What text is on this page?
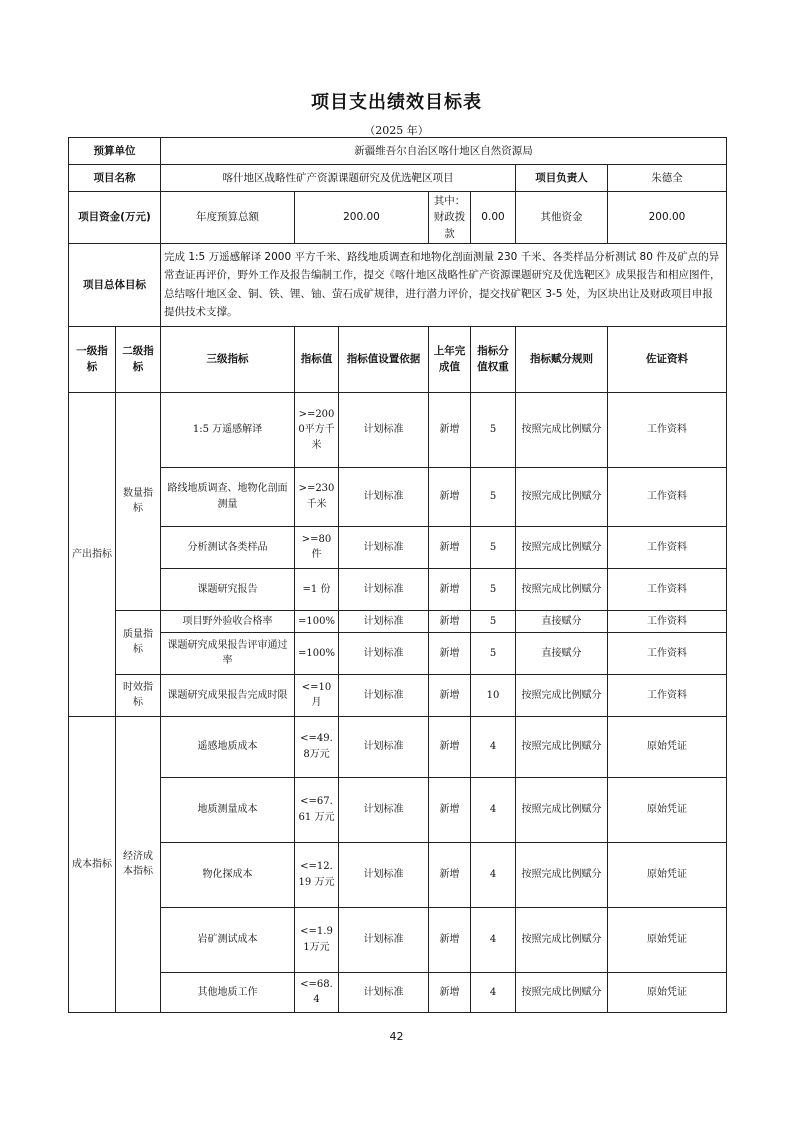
项目支出绩效目标表
（2025 年）
预算单位		新疆维吾尔自治区喀什地区自然资源局						
项目名称		喀什地区战略性矿产资源课题研究及优选靶区项目					项目负责人	朱德全
项目资金(万元)		年度预算总额	200.00		其中：财政拨款	0.00	其他资金	200.00
项目总体目标		完成 1:5 万遥感解译 2000 平方千米、路线地质调查和地物化剖面测量 230 千米、各类样品分析测试 80 件及矿点的异常查证再评价，野外工作及报告编制工作，提交《喀什地区战略性矿产资源课题研究及优选靶区》成果报告和相应图件，总结喀什地区金、铜、铁、锂、铀、萤石成矿规律，进行潜力评价，提交找矿靶区 3-5 处，为区块出让及财政项目申报提供技术支撑。						
一级指标	二级指标	三级指标	指标值	指标值设置依据	上年完成值	指标分值权重	指标赋分规则	佐证资料
产出指标	数量指标	1:5 万遥感解译	>=2000平方千米	计划标准	新增	5	按照完成比例赋分	工作资料
		路线地质调查、地物化剖面测量	>=230千米	计划标准	新增	5	按照完成比例赋分	工作资料
		分析测试各类样品	>=80件	计划标准	新增	5	按照完成比例赋分	工作资料
		课题研究报告	=1 份	计划标准	新增	5	按照完成比例赋分	工作资料
	质量指标	项目野外验收合格率	=100%	计划标准	新增	5	直接赋分	工作资料
		课题研究成果报告评审通过率	=100%	计划标准	新增	5	直接赋分	工作资料
	时效指标	课题研究成果报告完成时限	<=10月	计划标准	新增	10	按照完成比例赋分	工作资料
成本指标	经济成本指标	遥感地质成本	<=49.8万元	计划标准	新增	4	按照完成比例赋分	原始凭证
		地质测量成本	<=67.61 万元	计划标准	新增	4	按照完成比例赋分	原始凭证
		物化探成本	<=12.19 万元	计划标准	新增	4	按照完成比例赋分	原始凭证
		岩矿测试成本	<=1.91万元	计划标准	新增	4	按照完成比例赋分	原始凭证
		其他地质工作	<=68.4	计划标准	新增	4	按照完成比例赋分	原始凭证
42
